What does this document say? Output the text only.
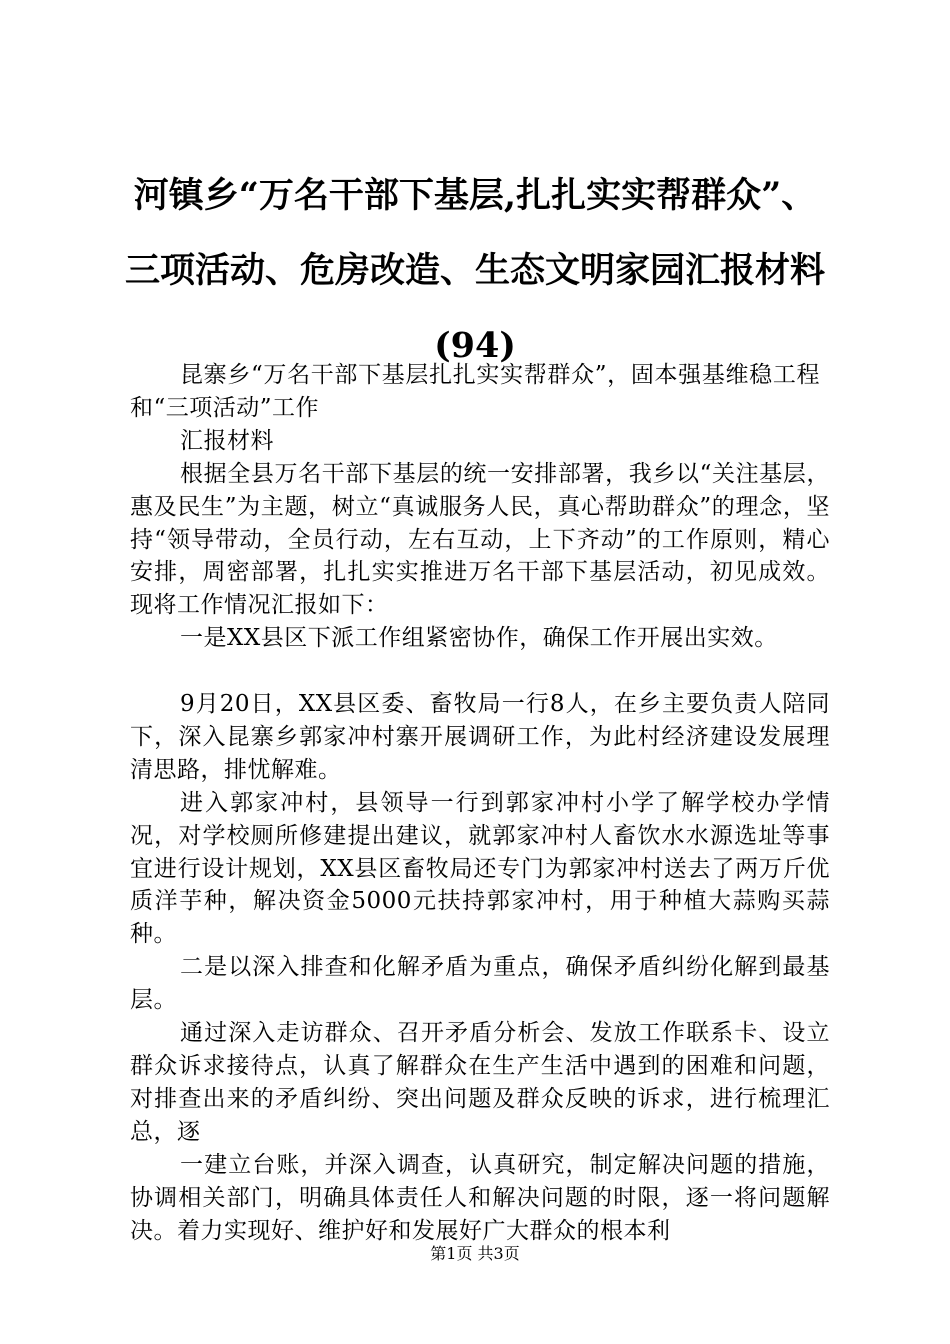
河镇乡“万名干部下基层,扎扎实实帮群众”、
三项活动、危房改造、生态文明家园汇报材料
(94)

昆寨乡“万名干部下基层扎扎实实帮群众”，固本强基维稳工程和“三项活动”工作

汇报材料

根据全县万名干部下基层的统一安排部署，我乡以“关注基层，惠及民生”为主题，树立“真诚服务人民，真心帮助群众”的理念，坚持“领导带动，全员行动，左右互动，上下齐动”的工作原则，精心安排，周密部署，扎扎实实推进万名干部下基层活动，初见成效。现将工作情况汇报如下：

一是XX县区下派工作组紧密协作，确保工作开展出实效。

9月20日，XX县区委、畜牧局一行8人，在乡主要负责人陪同下，深入昆寨乡郭家冲村寨开展调研工作，为此村经济建设发展理清思路，排忧解难。

进入郭家冲村，县领导一行到郭家冲村小学了解学校办学情况，对学校厕所修建提出建议，就郭家冲村人畜饮水水源选址等事宜进行设计规划，XX县区畜牧局还专门为郭家冲村送去了两万斤优质洋芋种，解决资金5000元扶持郭家冲村，用于种植大蒜购买蒜种。

二是以深入排查和化解矛盾为重点，确保矛盾纠纷化解到最基层。

通过深入走访群众、召开矛盾分析会、发放工作联系卡、设立群众诉求接待点，认真了解群众在生产生活中遇到的困难和问题，对排查出来的矛盾纠纷、突出问题及群众反映的诉求，进行梳理汇总，逐

一建立台账，并深入调查，认真研究，制定解决问题的措施，协调相关部门，明确具体责任人和解决问题的时限，逐一将问题解决。着力实现好、维护好和发展好广大群众的根本利

第1页 共3页
